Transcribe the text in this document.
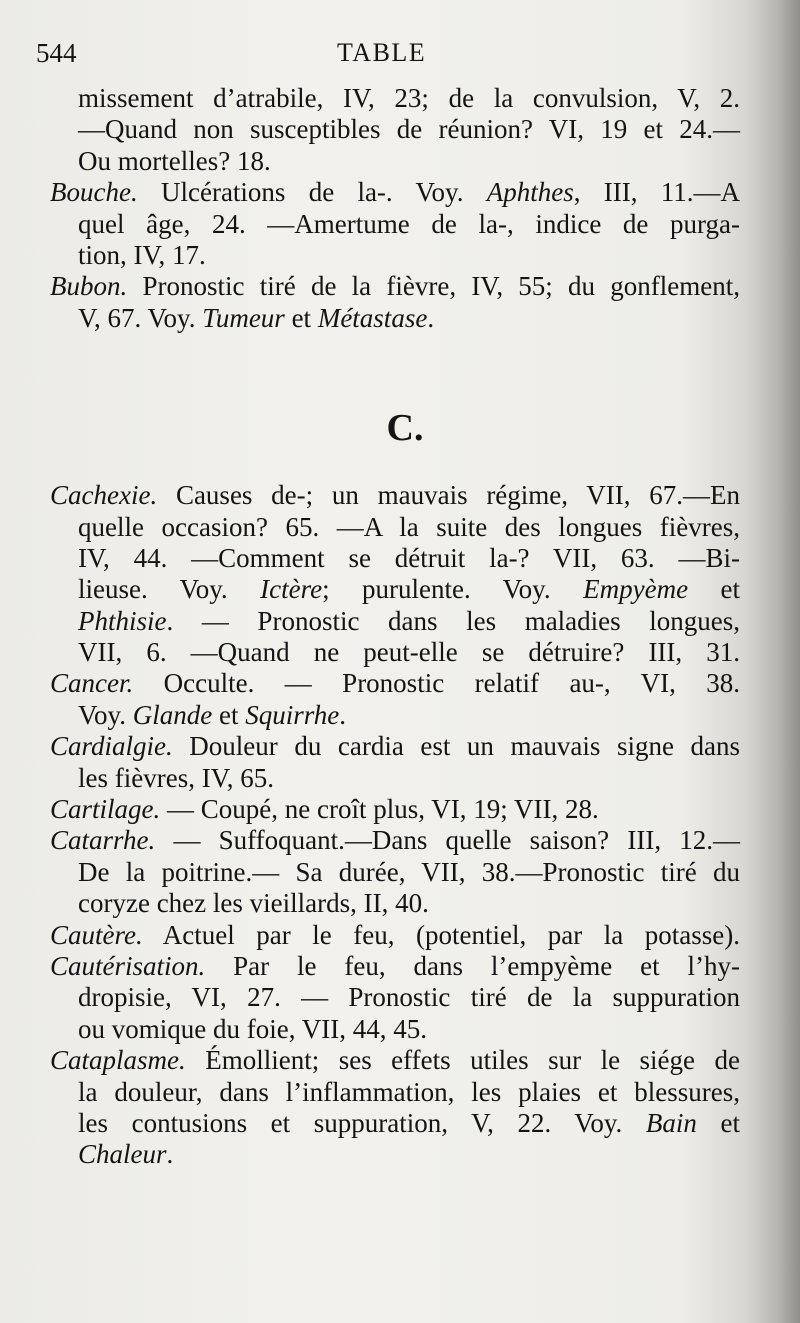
544	TABLE
missement d’atrabile, IV, 23; de la convulsion, V, 2.
—Quand non susceptibles de réunion? VI, 19 et 24.—
Ou mortelles? 18.
Bouche. Ulcérations de la-. Voy. Aphthes, III, 11.—A
quel âge, 24. —Amertume de la-, indice de purga-
tion, IV, 17.
Bubon. Pronostic tiré de la fièvre, IV, 55; du gonflement,
V, 67. Voy. Tumeur et Métastase.
C.
Cachexie. Causes de-; un mauvais régime, VII, 67.—En
quelle occasion? 65. —A la suite des longues fièvres,
IV, 44. —Comment se détruit la-? VII, 63. —Bi-
lieuse. Voy. Ictère; purulente. Voy. Empyème et
Phthisie. — Pronostic dans les maladies longues,
VII, 6. —Quand ne peut-elle se détruire? III, 31.
Cancer. Occulte. — Pronostic relatif au-, VI, 38.
Voy. Glande et Squirrhe.
Cardialgie. Douleur du cardia est un mauvais signe dans
les fièvres, IV, 65.
Cartilage. — Coupé, ne croît plus, VI, 19; VII, 28.
Catarrhe. — Suffoquant.—Dans quelle saison? III, 12.—
De la poitrine.— Sa durée, VII, 38.—Pronostic tiré du
coryze chez les vieillards, II, 40.
Cautère. Actuel par le feu, (potentiel, par la potasse).
Cautérisation. Par le feu, dans l’empyème et l’hy-
dropisie, VI, 27. — Pronostic tiré de la suppuration
ou vomique du foie, VII, 44, 45.
Cataplasme. Émollient; ses effets utiles sur le siége de
la douleur, dans l’inflammation, les plaies et blessures,
les contusions et suppuration, V, 22. Voy. Bain et
Chaleur.
